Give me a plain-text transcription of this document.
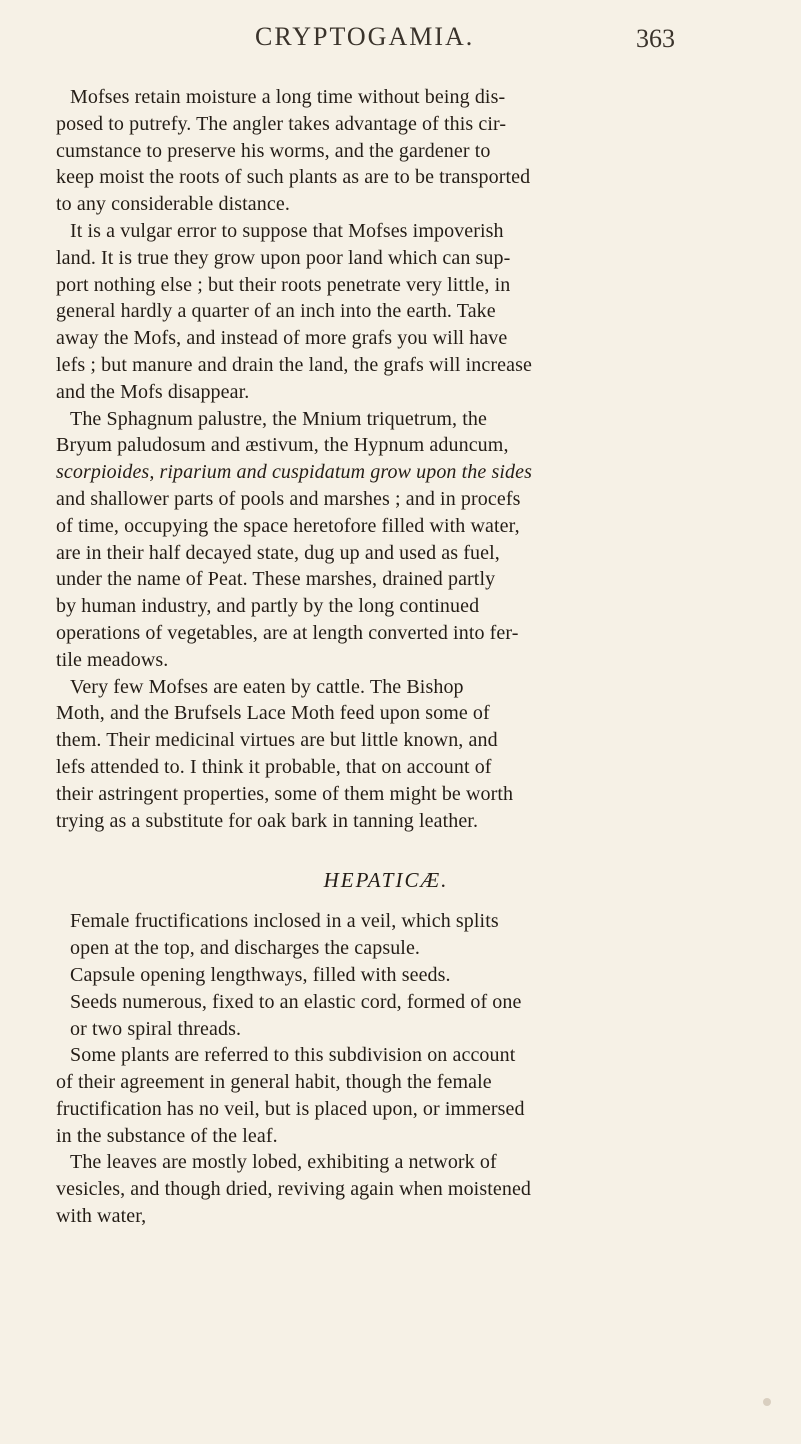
CRYPTOGAMIA.	363
Mofses retain moisture a long time without being dis-
posed to putrefy. The angler takes advantage of this cir-
cumstance to preserve his worms, and the gardener to
keep moist the roots of such plants as are to be transported
to any considerable distance.
It is a vulgar error to suppose that Mofses impoverish
land. It is true they grow upon poor land which can sup-
port nothing else ; but their roots penetrate very little, in
general hardly a quarter of an inch into the earth. Take
away the Mofs, and instead of more grafs you will have
lefs ; but manure and drain the land, the grafs will increase
and the Mofs disappear.
The Sphagnum palustre, the Mnium triquetrum, the
Bryum paludosum and æstivum, the Hypnum aduncum,
scorpioides, riparium and cuspidatum grow upon the sides
and shallower parts of pools and marshes ; and in procefs
of time, occupying the space heretofore filled with water,
are in their half decayed state, dug up and used as fuel,
under the name of Peat. These marshes, drained partly
by human industry, and partly by the long continued
operations of vegetables, are at length converted into fer-
tile meadows.
Very few Mofses are eaten by cattle. The Bishop
Moth, and the Brufsels Lace Moth feed upon some of
them. Their medicinal virtues are but little known, and
lefs attended to. I think it probable, that on account of
their astringent properties, some of them might be worth
trying as a substitute for oak bark in tanning leather.
HEPATICÆ.
Female fructifications inclosed in a veil, which splits
open at the top, and discharges the capsule.
Capsule opening lengthways, filled with seeds.
Seeds numerous, fixed to an elastic cord, formed of one
or two spiral threads.
Some plants are referred to this subdivision on account
of their agreement in general habit, though the female
fructification has no veil, but is placed upon, or immersed
in the substance of the leaf.
The leaves are mostly lobed, exhibiting a network of
vesicles, and though dried, reviving again when moistened
with water,
